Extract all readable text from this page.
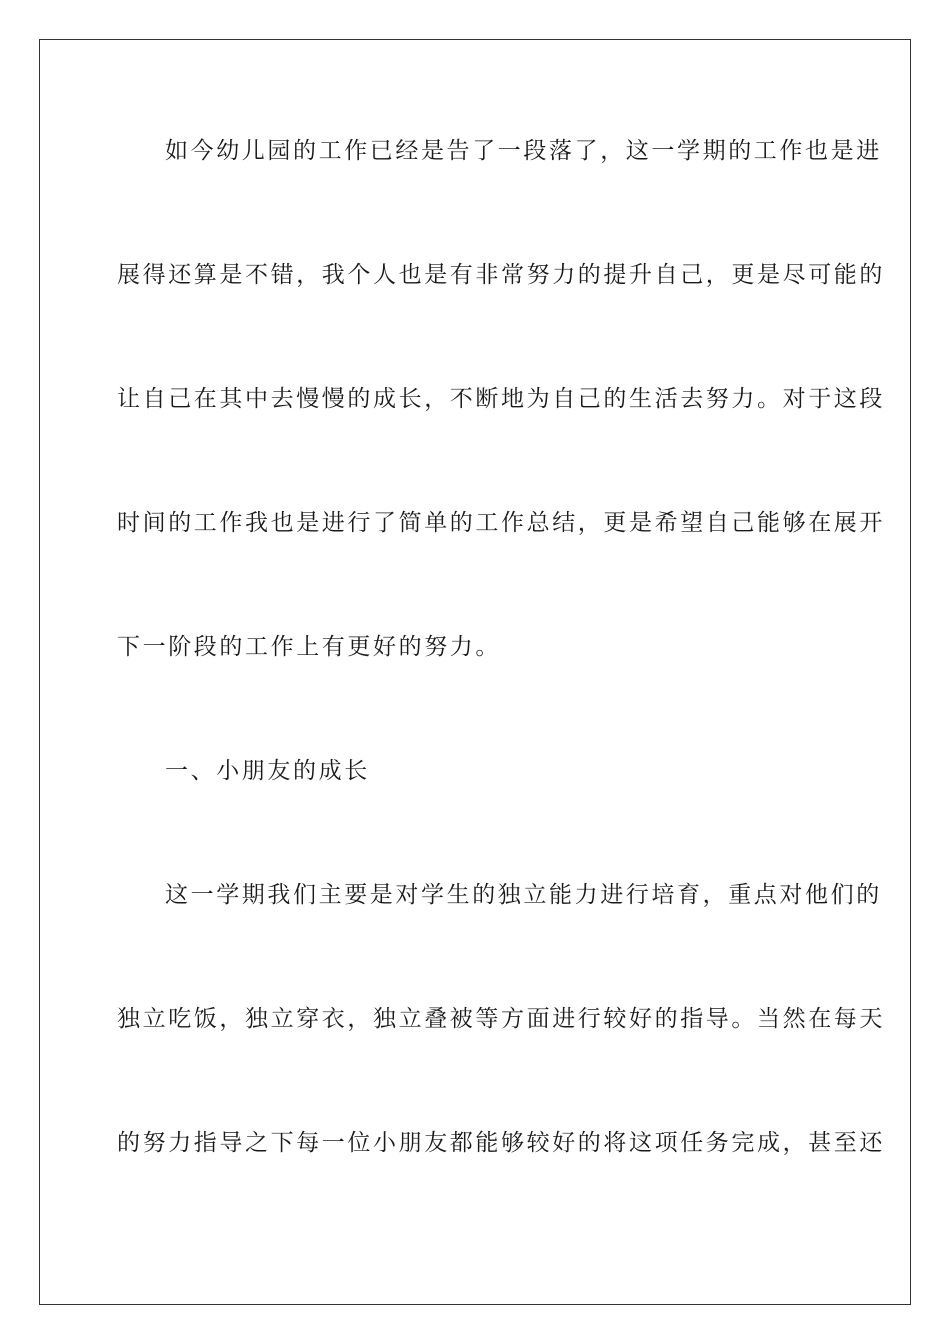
如今幼儿园的工作已经是告了一段落了，这一学期的工作也是进
展得还算是不错，我个人也是有非常努力的提升自己，更是尽可能的
让自己在其中去慢慢的成长，不断地为自己的生活去努力。对于这段
时间的工作我也是进行了简单的工作总结，更是希望自己能够在展开
下一阶段的工作上有更好的努力。
一、小朋友的成长
这一学期我们主要是对学生的独立能力进行培育，重点对他们的
独立吃饭，独立穿衣，独立叠被等方面进行较好的指导。当然在每天
的努力指导之下每一位小朋友都能够较好的将这项任务完成，甚至还
